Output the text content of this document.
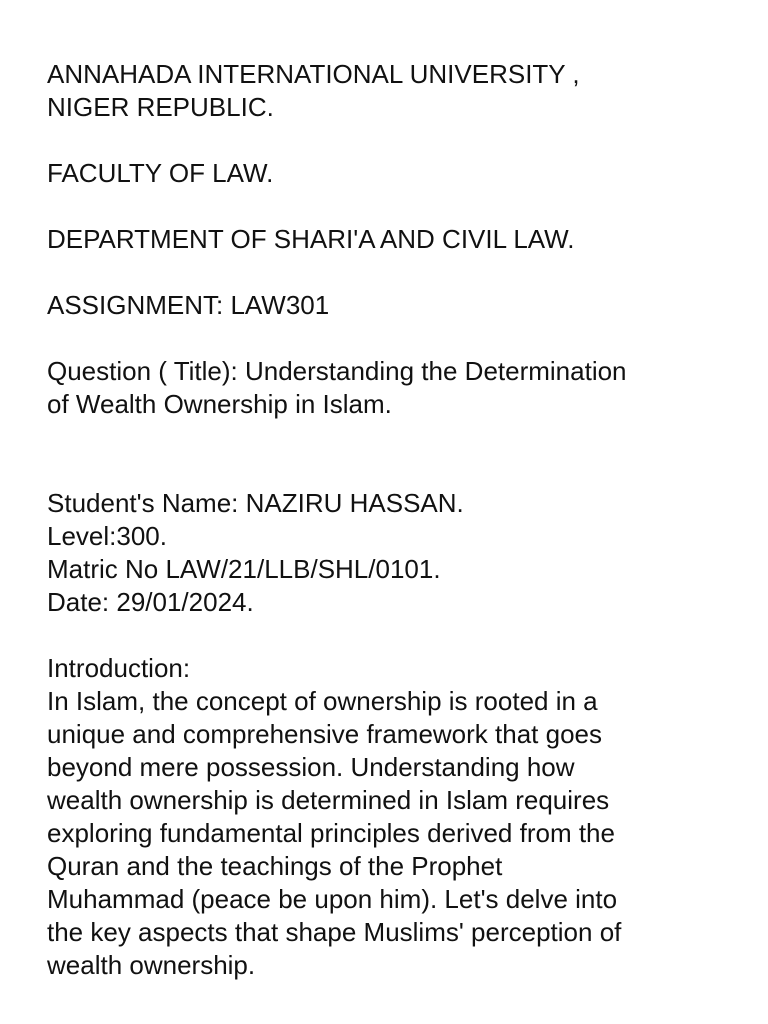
ANNAHADA INTERNATIONAL UNIVERSITY ,
NIGER REPUBLIC.
FACULTY OF LAW.
DEPARTMENT OF SHARI'A AND CIVIL LAW.
ASSIGNMENT: LAW301
Question ( Title): Understanding the Determination
of Wealth Ownership in Islam.
Student's Name: NAZIRU HASSAN.
Level:300.
Matric No LAW/21/LLB/SHL/0101.
Date: 29/01/2024.
Introduction:
In Islam, the concept of ownership is rooted in a
unique and comprehensive framework that goes
beyond mere possession. Understanding how
wealth ownership is determined in Islam requires
exploring fundamental principles derived from the
Quran and the teachings of the Prophet
Muhammad (peace be upon him). Let's delve into
the key aspects that shape Muslims' perception of
wealth ownership.
